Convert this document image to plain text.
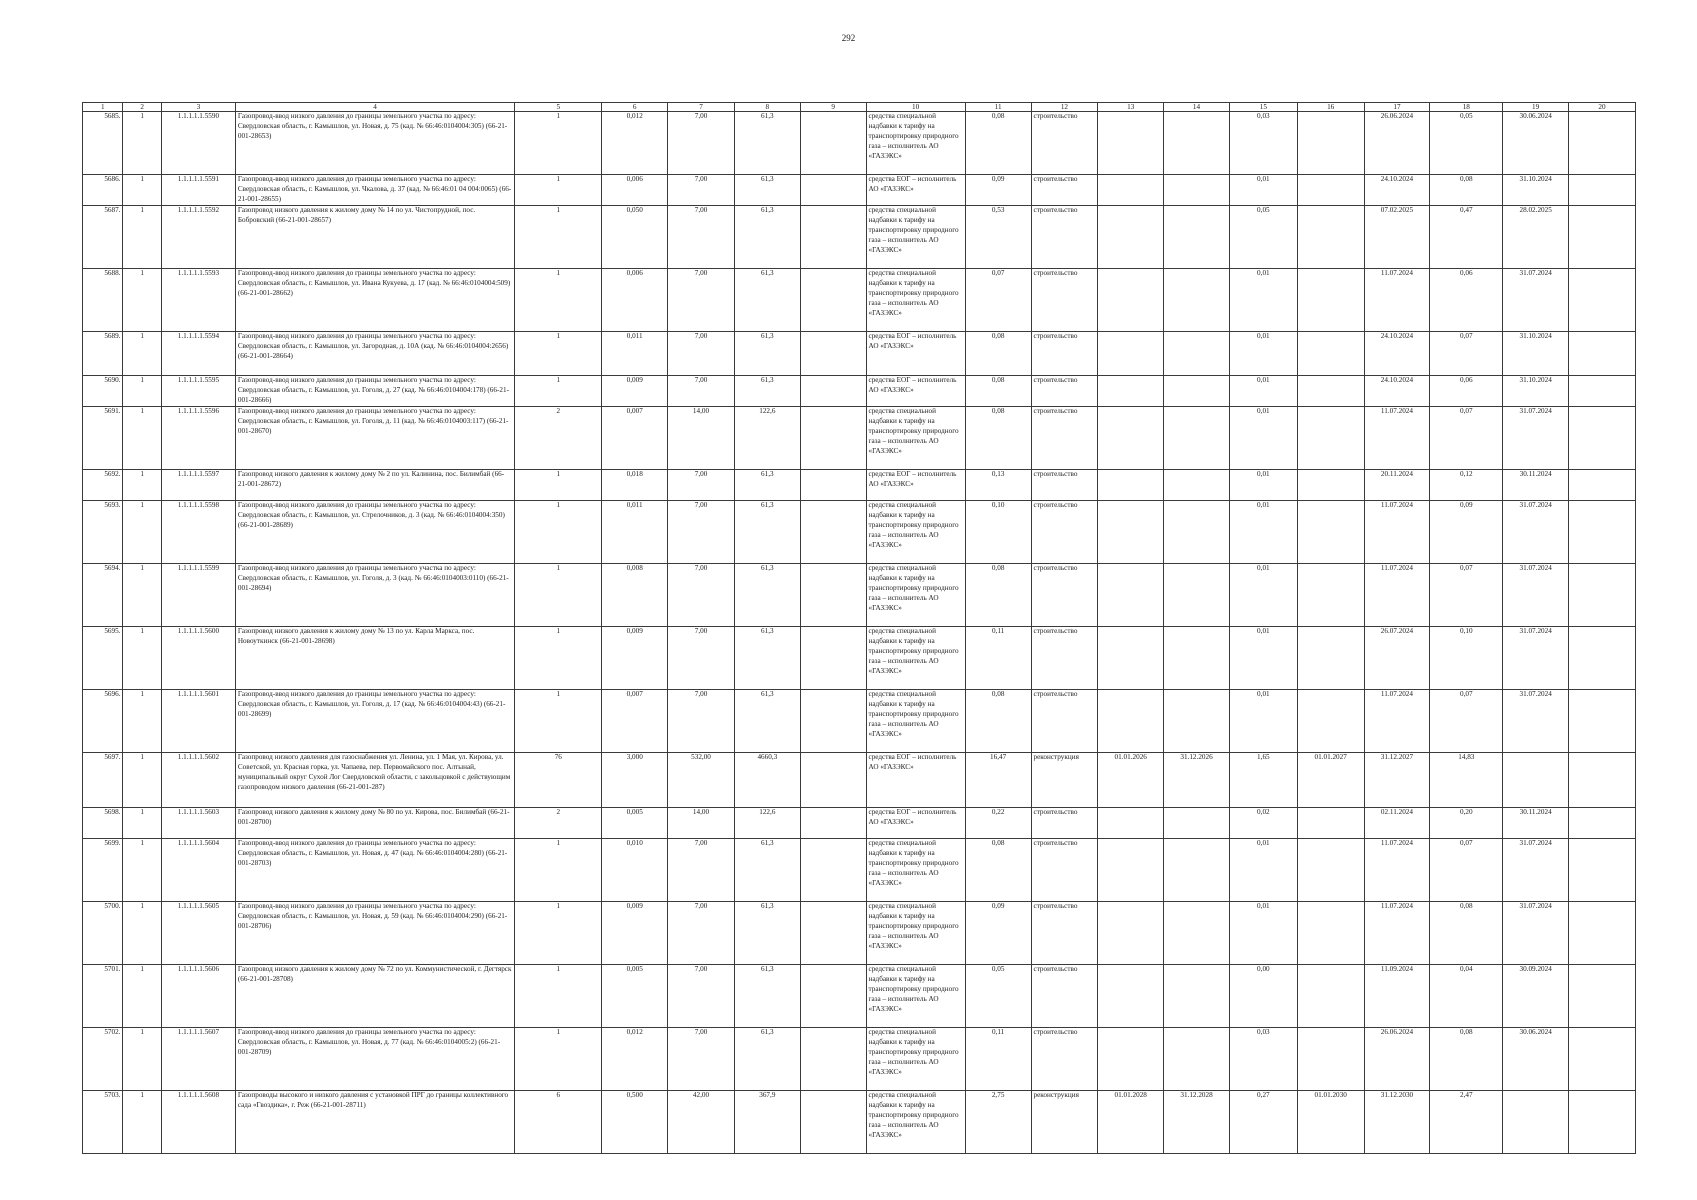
292
1	2	3	4	5	6	7	8	9	10	11	12	13	14	15	16	17	18	19	20
5685.	1	1.1.1.1.1.5590	Газопровод-ввод низкого давления до границы земельного участка по адресу: Свердловская область, г. Камышлов, ул. Новая, д. 75 (кад. № 66:46:0104004:305) (66-21-001-28653)	1	0,012	7,00	61,3		средства специальной надбавки к тарифу на транспортировку природного газа – исполнитель АО «ГАЗЭКС»	0,08	строительство			0,03		26.06.2024	0,05	30.06.2024	
5686.	1	1.1.1.1.1.5591	Газопровод-ввод низкого давления до границы земельного участка по адресу: Свердловская область, г. Камышлов, ул. Чкалова, д. 37 (кад. № 66:46:01 04 004:0065) (66-21-001-28655)	1	0,006	7,00	61,3		средства ЕОГ – исполнитель АО «ГАЗЭКС»	0,09	строительство			0,01		24.10.2024	0,08	31.10.2024	
5687.	1	1.1.1.1.1.5592	Газопровод низкого давления к жилому дому № 14 по ул. Чистопрудной, пос. Бобровский (66-21-001-28657)	1	0,050	7,00	61,3		средства специальной надбавки к тарифу на транспортировку природного газа – исполнитель АО «ГАЗЭКС»	0,53	строительство			0,05		07.02.2025	0,47	28.02.2025	
5688.	1	1.1.1.1.1.5593	Газопровод-ввод низкого давления до границы земельного участка по адресу: Свердловская область, г. Камышлов, ул. Ивана Кукуева, д. 17 (кад. № 66:46:0104004:509) (66-21-001-28662)	1	0,006	7,00	61,3		средства специальной надбавки к тарифу на транспортировку природного газа – исполнитель АО «ГАЗЭКС»	0,07	строительство			0,01		11.07.2024	0,06	31.07.2024	
5689.	1	1.1.1.1.1.5594	Газопровод-ввод низкого давления до границы земельного участка по адресу: Свердловская область, г. Камышлов, ул. Загородная, д. 10А (кад. № 66:46:0104004:2656) (66-21-001-28664)	1	0,011	7,00	61,3		средства ЕОГ – исполнитель АО «ГАЗЭКС»	0,08	строительство			0,01		24.10.2024	0,07	31.10.2024	
5690.	1	1.1.1.1.1.5595	Газопровод-ввод низкого давления до границы земельного участка по адресу: Свердловская область, г. Камышлов, ул. Гоголя, д. 27 (кад. № 66:46:0104004:178) (66-21-001-28666)	1	0,009	7,00	61,3		средства ЕОГ – исполнитель АО «ГАЗЭКС»	0,08	строительство			0,01		24.10.2024	0,06	31.10.2024	
5691.	1	1.1.1.1.1.5596	Газопровод-ввод низкого давления до границы земельного участка по адресу: Свердловская область, г. Камышлов, ул. Гоголя, д. 11 (кад. № 66:46:0104003:117) (66-21-001-28670)	2	0,007	14,00	122,6		средства специальной надбавки к тарифу на транспортировку природного газа – исполнитель АО «ГАЗЭКС»	0,08	строительство			0,01		11.07.2024	0,07	31.07.2024	
5692.	1	1.1.1.1.1.5597	Газопровод низкого давления к жилому дому № 2 по ул. Калинина, пос. Билимбай (66-21-001-28672)	1	0,018	7,00	61,3		средства ЕОГ – исполнитель АО «ГАЗЭКС»	0,13	строительство			0,01		20.11.2024	0,12	30.11.2024	
5693.	1	1.1.1.1.1.5598	Газопровод-ввод низкого давления до границы земельного участка по адресу: Свердловская область, г. Камышлов, ул. Стрелочников, д. 3 (кад. № 66:46:0104004:350) (66-21-001-28689)	1	0,011	7,00	61,3		средства специальной надбавки к тарифу на транспортировку природного газа – исполнитель АО «ГАЗЭКС»	0,10	строительство			0,01		11.07.2024	0,09	31.07.2024	
5694.	1	1.1.1.1.1.5599	Газопровод-ввод низкого давления до границы земельного участка по адресу: Свердловская область, г. Камышлов, ул. Гоголя, д. 3 (кад. № 66:46:0104003:0110) (66-21-001-28694)	1	0,008	7,00	61,3		средства специальной надбавки к тарифу на транспортировку природного газа – исполнитель АО «ГАЗЭКС»	0,08	строительство			0,01		11.07.2024	0,07	31.07.2024	
5695.	1	1.1.1.1.1.5600	Газопровод низкого давления к жилому дому № 13 по ул. Карла Маркса, пос. Новоуткинск (66-21-001-28698)	1	0,009	7,00	61,3		средства специальной надбавки к тарифу на транспортировку природного газа – исполнитель АО «ГАЗЭКС»	0,11	строительство			0,01		26.07.2024	0,10	31.07.2024	
5696.	1	1.1.1.1.1.5601	Газопровод-ввод низкого давления до границы земельного участка по адресу: Свердловская область, г. Камышлов, ул. Гоголя, д. 17 (кад. № 66:46:0104004:43) (66-21-001-28699)	1	0,007	7,00	61,3		средства специальной надбавки к тарифу на транспортировку природного газа – исполнитель АО «ГАЗЭКС»	0,08	строительство			0,01		11.07.2024	0,07	31.07.2024	
5697.	1	1.1.1.1.1.5602	Газопровод низкого давления для газоснабжения ул. Ленина, ул. 1 Мая, ул. Кирова, ул. Советской, ул. Красная горка, ул. Чапаева, пер. Первомайского пос. Алтынай, муниципальный округ Сухой Лог Свердловской области, с закольцовкой с действующим газопроводом низкого давления (66-21-001-287)	76	3,000	532,00	4660,3		средства ЕОГ – исполнитель АО «ГАЗЭКС»	16,47	реконструкция	01.01.2026	31.12.2026	1,65	01.01.2027	31.12.2027	14,83		
5698.	1	1.1.1.1.1.5603	Газопровод низкого давления к жилому дому № 80 по ул. Кирова, пос. Билимбай (66-21-001-28700)	2	0,005	14,00	122,6		средства ЕОГ – исполнитель АО «ГАЗЭКС»	0,22	строительство			0,02		02.11.2024	0,20	30.11.2024	
5699.	1	1.1.1.1.1.5604	Газопровод-ввод низкого давления до границы земельного участка по адресу: Свердловская область, г. Камышлов, ул. Новая, д. 47 (кад. № 66:46:0104004:280) (66-21-001-28703)	1	0,010	7,00	61,3		средства специальной надбавки к тарифу на транспортировку природного газа – исполнитель АО «ГАЗЭКС»	0,08	строительство			0,01		11.07.2024	0,07	31.07.2024	
5700.	1	1.1.1.1.1.5605	Газопровод-ввод низкого давления до границы земельного участка по адресу: Свердловская область, г. Камышлов, ул. Новая, д. 59 (кад. № 66:46:0104004:290) (66-21-001-28706)	1	0,009	7,00	61,3		средства специальной надбавки к тарифу на транспортировку природного газа – исполнитель АО «ГАЗЭКС»	0,09	строительство			0,01		11.07.2024	0,08	31.07.2024	
5701.	1	1.1.1.1.1.5606	Газопровод низкого давления к жилому дому № 72 по ул. Коммунистической, г. Дегтярск (66-21-001-28708)	1	0,005	7,00	61,3		средства специальной надбавки к тарифу на транспортировку природного газа – исполнитель АО «ГАЗЭКС»	0,05	строительство			0,00		11.09.2024	0,04	30.09.2024	
5702.	1	1.1.1.1.1.5607	Газопровод-ввод низкого давления до границы земельного участка по адресу: Свердловская область, г. Камышлов, ул. Новая, д. 77 (кад. № 66:46:0104005:2) (66-21-001-28709)	1	0,012	7,00	61,3		средства специальной надбавки к тарифу на транспортировку природного газа – исполнитель АО «ГАЗЭКС»	0,11	строительство			0,03		26.06.2024	0,08	30.06.2024	
5703.	1	1.1.1.1.1.5608	Газопроводы высокого и низкого давления с установкой ПРГ до границы коллективного сада «Гвоздика», г. Реж (66-21-001-28711)	6	0,500	42,00	367,9		средства специальной надбавки к тарифу на транспортировку природного газа – исполнитель АО «ГАЗЭКС»	2,75	реконструкция	01.01.2028	31.12.2028	0,27	01.01.2030	31.12.2030	2,47		
